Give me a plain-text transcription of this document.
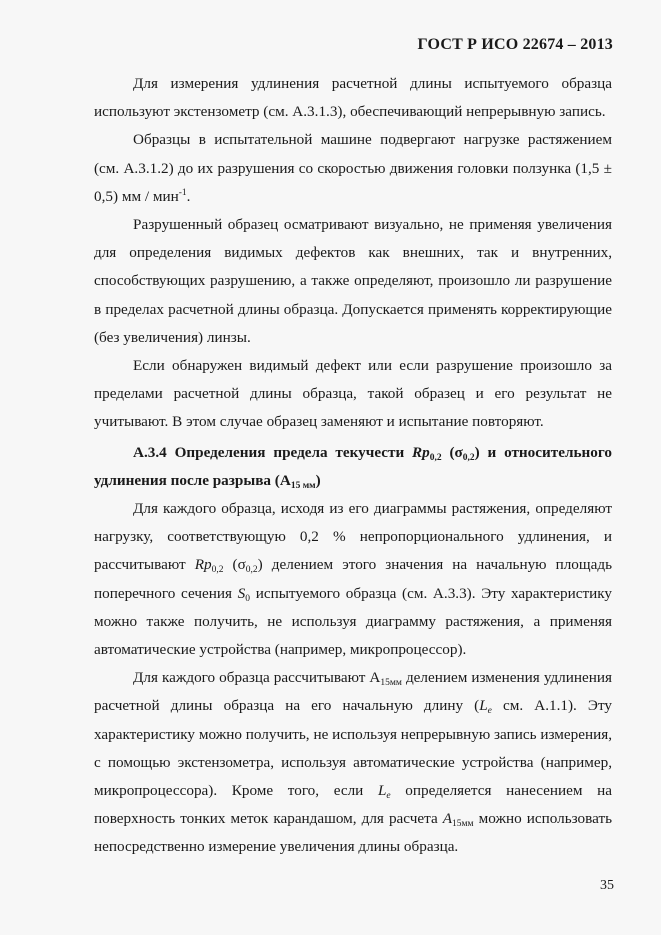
ГОСТ Р ИСО 22674 – 2013

Для измерения удлинения расчетной длины испытуемого образца используют экстензометр (см. А.3.1.3), обеспечивающий непрерывную запись.

Образцы в испытательной машине подвергают нагрузке растяжением (см. А.3.1.2) до их разрушения со скоростью движения головки ползунка (1,5 ± 0,5) мм / мин$^{-1}$.

Разрушенный образец осматривают визуально, не применяя увеличения для определения видимых дефектов как внешних, так и внутренних, способствующих разрушению, а также определяют, произошло ли разрушение в пределах расчетной длины образца. Допускается применять корректирующие (без увеличения) линзы.

Если обнаружен видимый дефект или если разрушение произошло за пределами расчетной длины образца, такой образец и его результат не учитывают. В этом случае образец заменяют и испытание повторяют.

А.3.4 Определения предела текучести $Rp_{0,2}$ $(\sigma_{0,2})$ и относительного удлинения после разрыва $(А_{15 мм})$

Для каждого образца, исходя из его диаграммы растяжения, определяют нагрузку, соответствующую 0,2 % непропорционального удлинения, и рассчитывают $Rp_{0,2}$ $(\sigma_{0,2})$ делением этого значения на начальную площадь поперечного сечения $S_0$ испытуемого образца (см. А.3.3). Эту характеристику можно также получить, не используя диаграмму растяжения, а применяя автоматические устройства (например, микропроцессор).

Для каждого образца рассчитывают $А_{15мм}$ делением изменения удлинения расчетной длины образца на его начальную длину ($L_e$ см. А.1.1). Эту характеристику можно получить, не используя непрерывную запись измерения, с помощью экстензометра, используя автоматические устройства (например, микропроцессора). Кроме того, если $L_e$ определяется нанесением на поверхность тонких меток карандашом, для расчета $A_{15мм}$ можно использовать непосредственно измерение увеличения длины образца.

35
